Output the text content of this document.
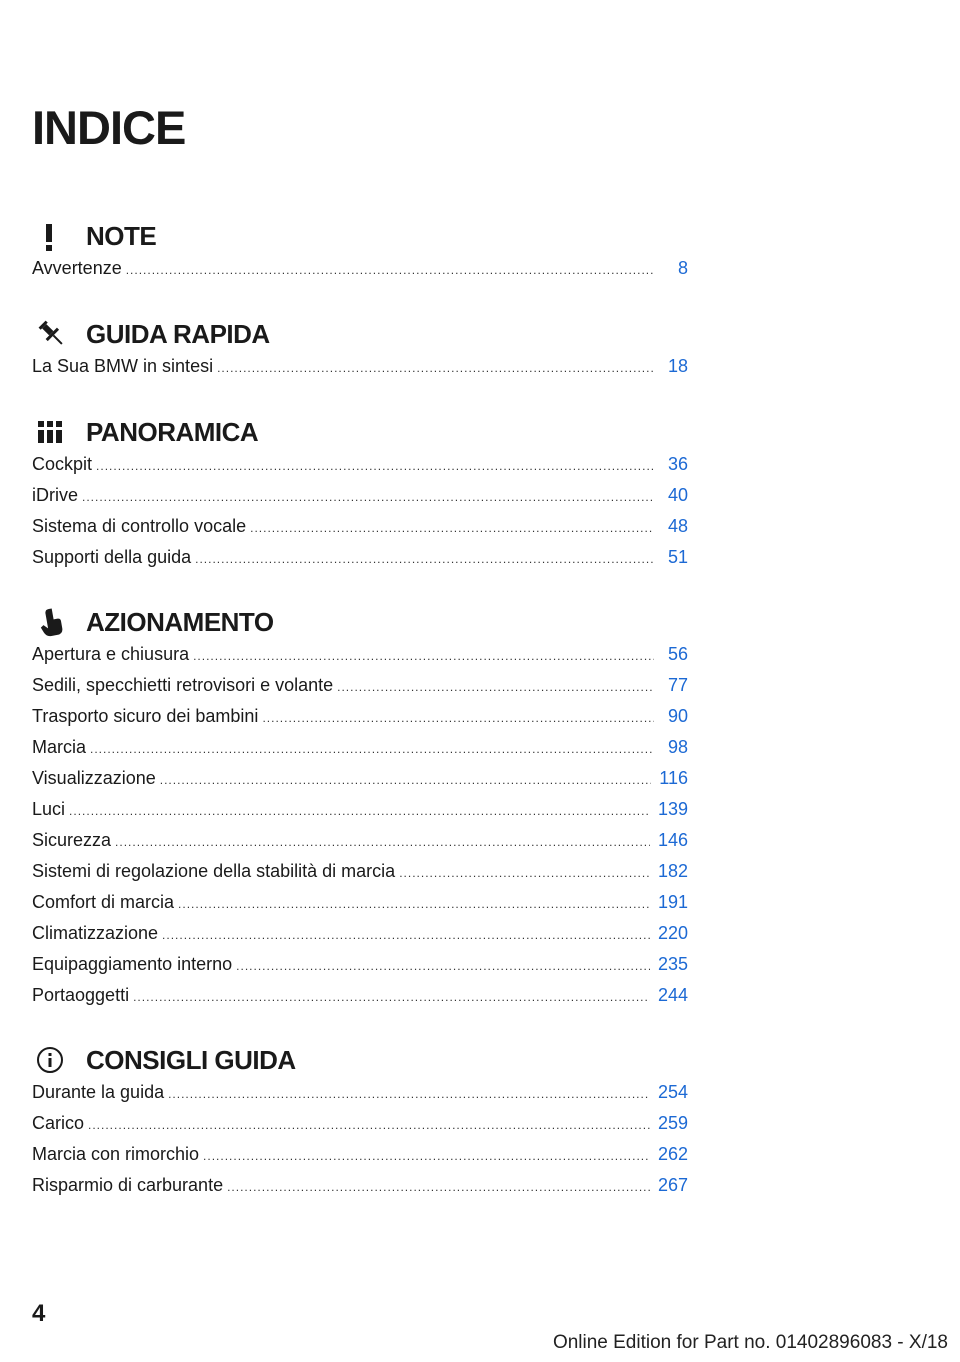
INDICE
NOTE
Avvertenze .....	8
GUIDA RAPIDA
La Sua BMW in sintesi .....	18
PANORAMICA
Cockpit .....	36
iDrive .....	40
Sistema di controllo vocale .....	48
Supporti della guida .....	51
AZIONAMENTO
Apertura e chiusura .....	56
Sedili, specchietti retrovisori e volante .....	77
Trasporto sicuro dei bambini .....	90
Marcia .....	98
Visualizzazione .....	116
Luci .....	139
Sicurezza .....	146
Sistemi di regolazione della stabilità di marcia .....	182
Comfort di marcia .....	191
Climatizzazione .....	220
Equipaggiamento interno .....	235
Portaoggetti .....	244
CONSIGLI GUIDA
Durante la guida .....	254
Carico .....	259
Marcia con rimorchio .....	262
Risparmio di carburante .....	267
4
Online Edition for Part no. 01402896083 - X/18
